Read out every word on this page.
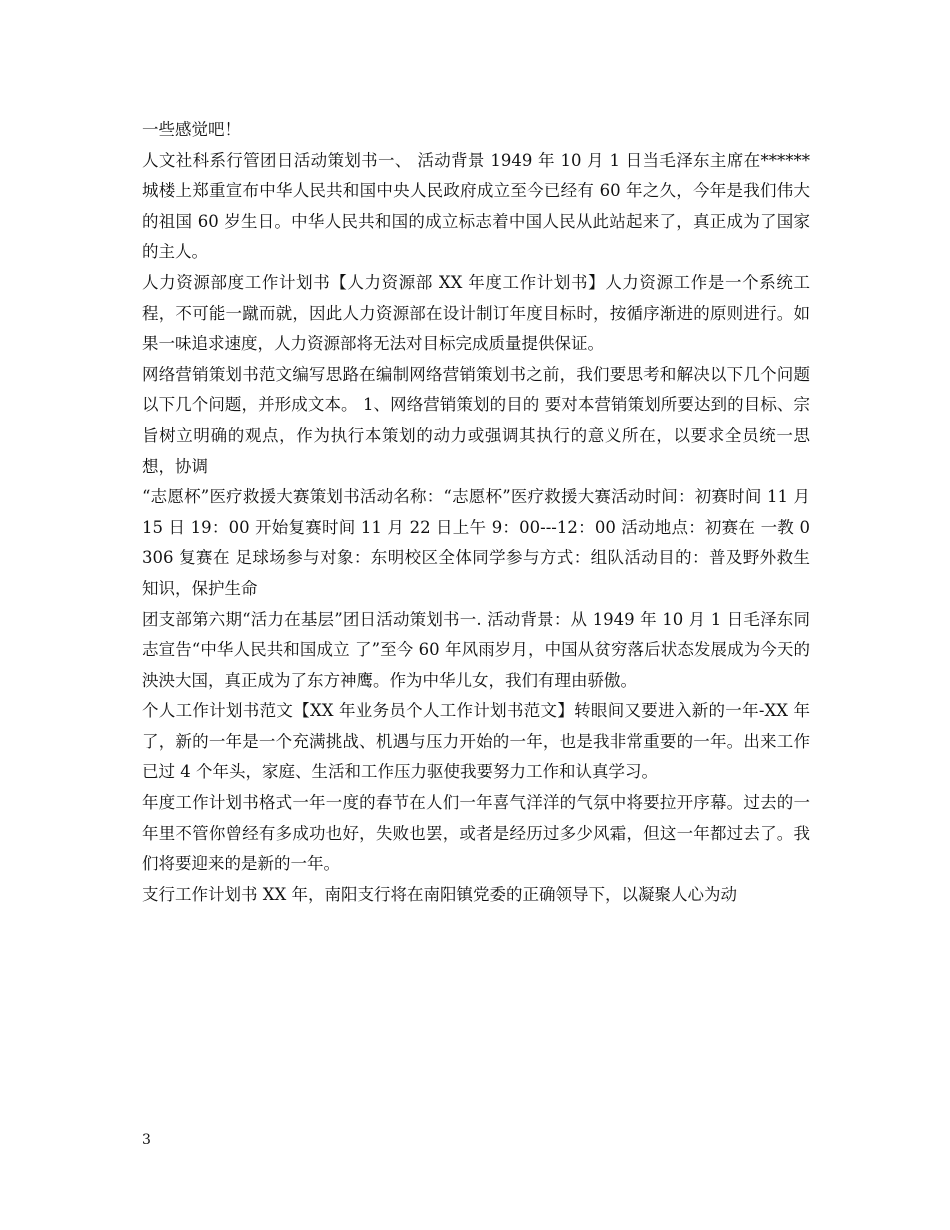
一些感觉吧！

人文社科系行管团日活动策划书一、 活动背景 1949 年 10 月 1 日当毛泽东主席在******城楼上郑重宣布中华人民共和国中央人民政府成立至今已经有 60 年之久，今年是我们伟大的祖国 60 岁生日。中华人民共和国的成立标志着中国人民从此站起来了，真正成为了国家的主人。

人力资源部度工作计划书【人力资源部 XX 年度工作计划书】人力资源工作是一个系统工程，不可能一蹴而就，因此人力资源部在设计制订年度目标时，按循序渐进的原则进行。如果一味追求速度，人力资源部将无法对目标完成质量提供保证。

网络营销策划书范文编写思路在编制网络营销策划书之前，我们要思考和解决以下几个问题以下几个问题，并形成文本。 1、网络营销策划的目的 要对本营销策划所要达到的目标、宗旨树立明确的观点，作为执行本策划的动力或强调其执行的意义所在，以要求全员统一思想，协调

“志愿杯”医疗救援大赛策划书活动名称：“志愿杯”医疗救援大赛活动时间：初赛时间 11 月 15 日 19：00 开始复赛时间 11 月 22 日上午 9：00---12：00 活动地点：初赛在 一教 0306 复赛在 足球场参与对象：东明校区全体同学参与方式：组队活动目的：普及野外救生知识，保护生命

团支部第六期“活力在基层”团日活动策划书一. 活动背景：从 1949 年 10 月 1 日毛泽东同志宣告“中华人民共和国成立 了”至今 60 年风雨岁月，中国从贫穷落后状态发展成为今天的泱泱大国，真正成为了东方神鹰。作为中华儿女，我们有理由骄傲。

个人工作计划书范文【XX 年业务员个人工作计划书范文】转眼间又要进入新的一年-XX 年了，新的一年是一个充满挑战、机遇与压力开始的一年，也是我非常重要的一年。出来工作已过 4 个年头，家庭、生活和工作压力驱使我要努力工作和认真学习。

年度工作计划书格式一年一度的春节在人们一年喜气洋洋的气氛中将要拉开序幕。过去的一年里不管你曾经有多成功也好，失败也罢，或者是经历过多少风霜，但这一年都过去了。我们将要迎来的是新的一年。

支行工作计划书 XX 年，南阳支行将在南阳镇党委的正确领导下，以凝聚人心为动

3
